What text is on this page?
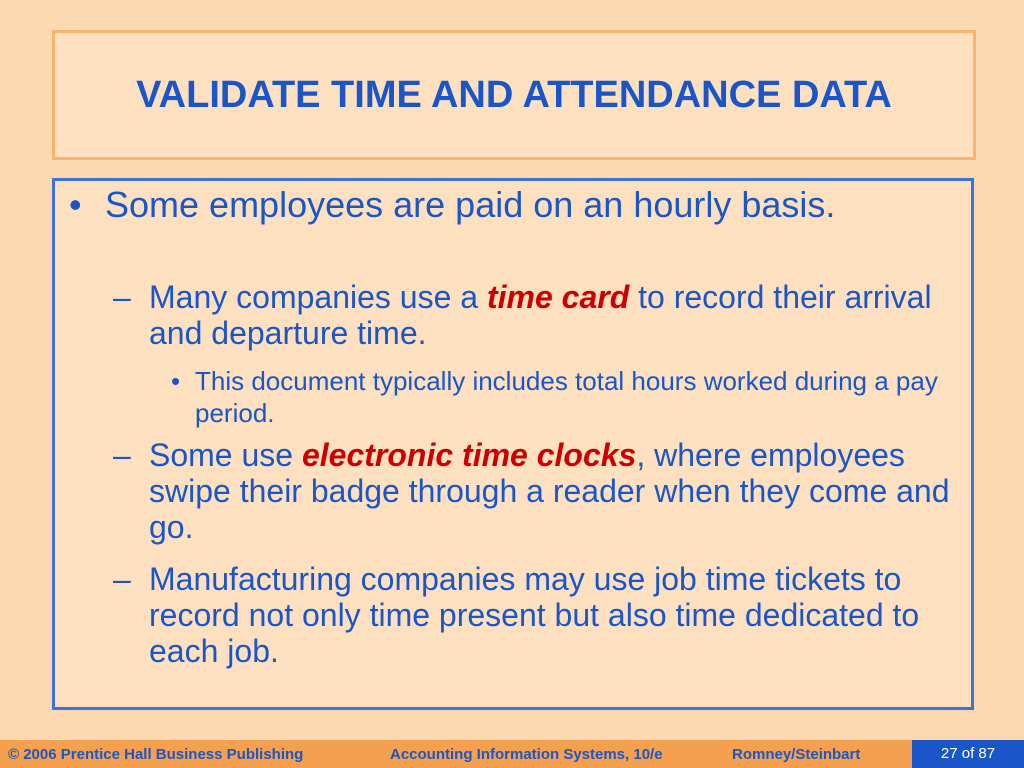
VALIDATE TIME AND ATTENDANCE DATA
• Some employees are paid on an hourly basis.
– Many companies use a time card to record their arrival and departure time.
• This document typically includes total hours worked during a pay period.
– Some use electronic time clocks, where employees swipe their badge through a reader when they come and go.
– Manufacturing companies may use job time tickets to record not only time present but also time dedicated to each job.
© 2006 Prentice Hall Business Publishing	Accounting Information Systems, 10/e	Romney/Steinbart	27 of 87
